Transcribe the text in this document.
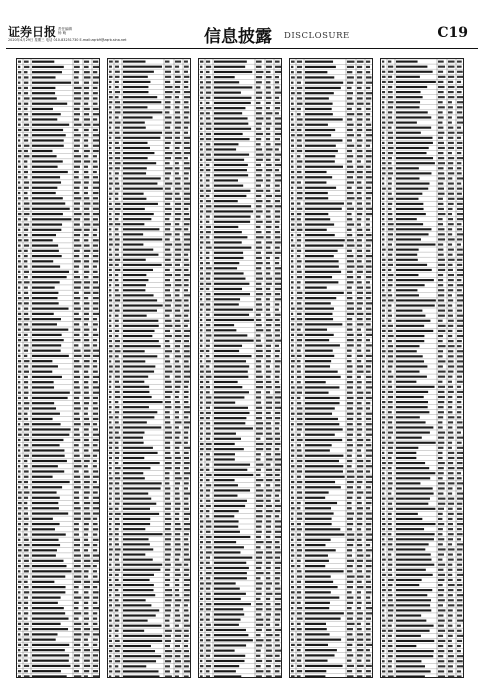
证券日报 责任编辑
杨 萌
2020年4月29日 星期三 电话 010-83251730 E-mail:zqrb9@zqrb.sina.net	信息披露 DISCLOSURE	C19
